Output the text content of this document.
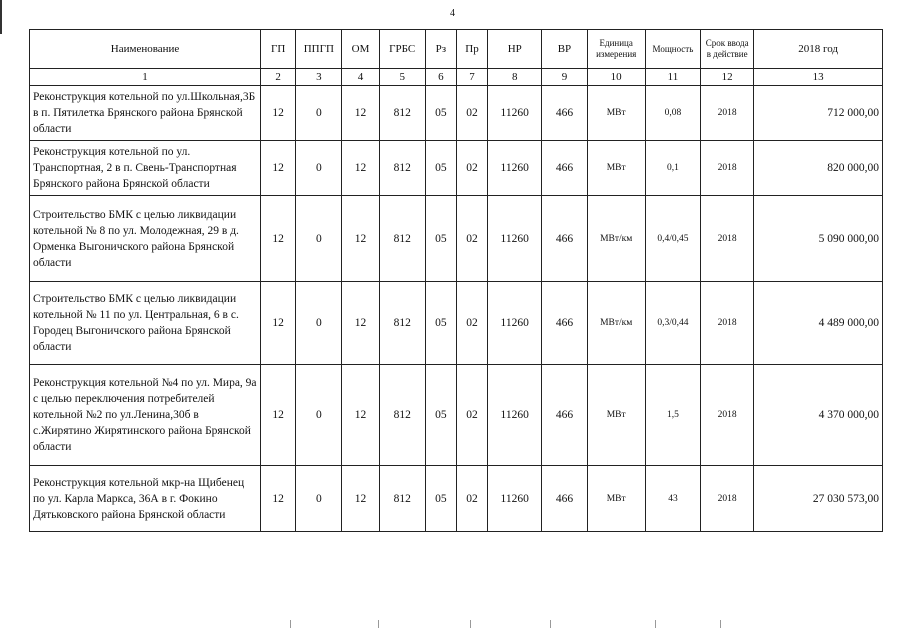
4
Наименование	ГП	ППГП	ОМ	ГРБС	Рз	Пр	НР	ВР	Единица измерения	Мощность	Срок ввода в действие	2018 год
1	2	3	4	5	6	7	8	9	10	11	12	13
Реконструкция котельной по ул.Школьная,3Б в п. Пятилетка Брянского района Брянской области	12	0	12	812	05	02	11260	466	МВт	0,08	2018	712 000,00
Реконструкция котельной по ул. Транспортная, 2 в п. Свень-Транспортная Брянского района Брянской области	12	0	12	812	05	02	11260	466	МВт	0,1	2018	820 000,00
Строительство БМК с целью ликвидации котельной № 8 по ул. Молодежная, 29 в д. Орменка Выгоничского района Брянской области	12	0	12	812	05	02	11260	466	МВт/км	0,4/0,45	2018	5 090 000,00
Строительство БМК с целью ликвидации котельной № 11 по ул. Центральная, 6 в с. Городец Выгоничского района Брянской области	12	0	12	812	05	02	11260	466	МВт/км	0,3/0,44	2018	4 489 000,00
Реконструкция котельной №4 по ул. Мира, 9а с целью переключения потребителей котельной №2 по ул.Ленина,30б в с.Жирятино Жирятинского района Брянской области	12	0	12	812	05	02	11260	466	МВт	1,5	2018	4 370 000,00
Реконструкция котельной мкр-на Щибенец по ул. Карла Маркса, 36А в г. Фокино Дятьковского района Брянской области	12	0	12	812	05	02	11260	466	МВт	43	2018	27 030 573,00
